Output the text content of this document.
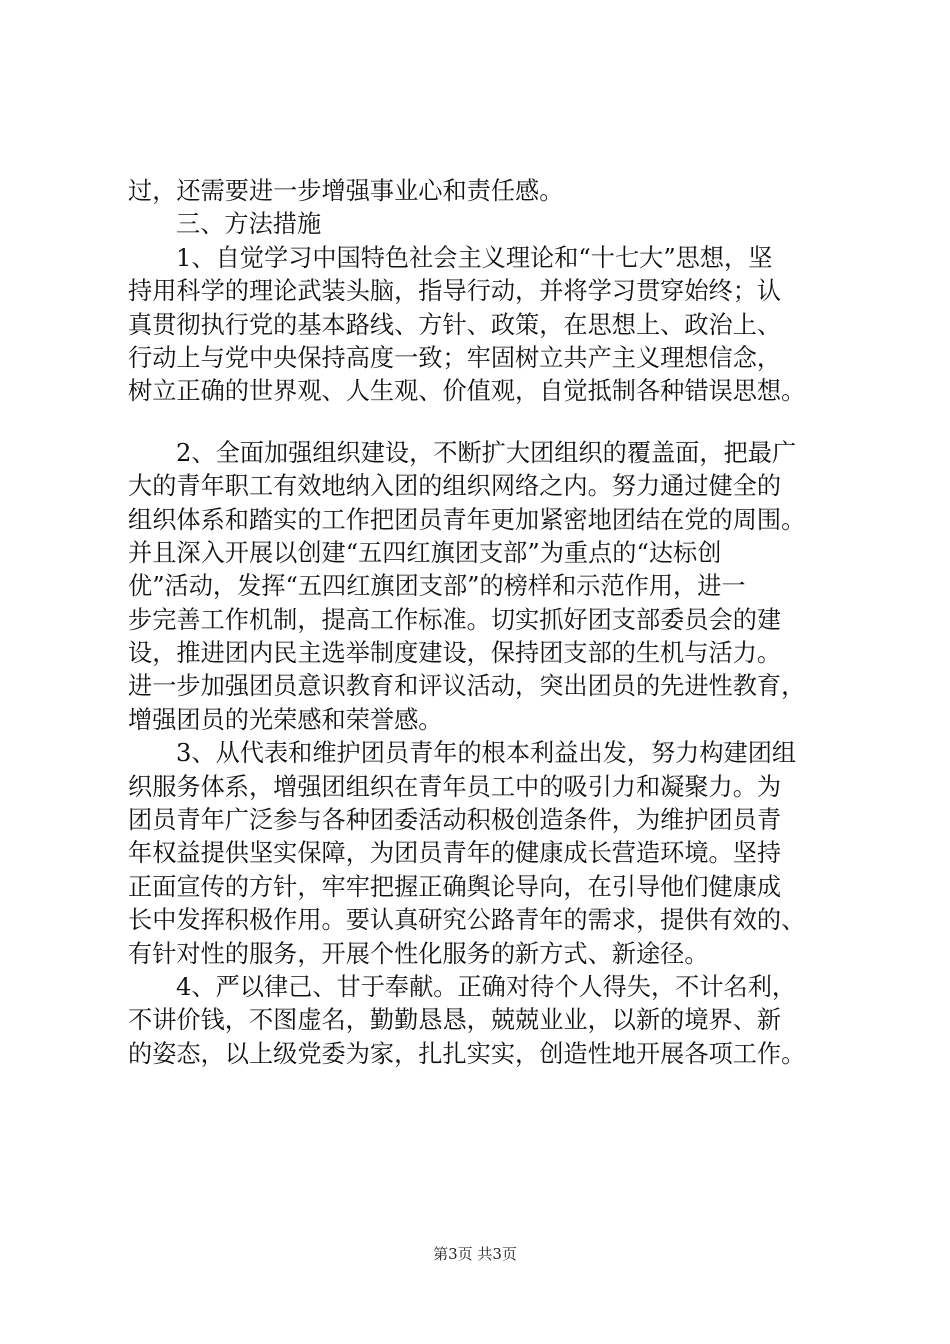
过，还需要进一步增强事业心和责任感。
三、方法措施
1、自觉学习中国特色社会主义理论和“十七大”思想，坚
持用科学的理论武装头脑，指导行动，并将学习贯穿始终；认
真贯彻执行党的基本路线、方针、政策，在思想上、政治上、
行动上与党中央保持高度一致；牢固树立共产主义理想信念，
树立正确的世界观、人生观、价值观，自觉抵制各种错误思想。
2、全面加强组织建设，不断扩大团组织的覆盖面，把最广
大的青年职工有效地纳入团的组织网络之内。努力通过健全的
组织体系和踏实的工作把团员青年更加紧密地团结在党的周围。
并且深入开展以创建“五四红旗团支部”为重点的“达标创
优”活动，发挥“五四红旗团支部”的榜样和示范作用，进一
步完善工作机制，提高工作标准。切实抓好团支部委员会的建
设，推进团内民主选举制度建设，保持团支部的生机与活力。
进一步加强团员意识教育和评议活动，突出团员的先进性教育，
增强团员的光荣感和荣誉感。
3、从代表和维护团员青年的根本利益出发，努力构建团组
织服务体系，增强团组织在青年员工中的吸引力和凝聚力。为
团员青年广泛参与各种团委活动积极创造条件，为维护团员青
年权益提供坚实保障，为团员青年的健康成长营造环境。坚持
正面宣传的方针，牢牢把握正确舆论导向，在引导他们健康成
长中发挥积极作用。要认真研究公路青年的需求，提供有效的、
有针对性的服务，开展个性化服务的新方式、新途径。
4、严以律己、甘于奉献。正确对待个人得失，不计名利，
不讲价钱，不图虚名，勤勤恳恳，兢兢业业，以新的境界、新
的姿态，以上级党委为家，扎扎实实，创造性地开展各项工作。
第3页 共3页
